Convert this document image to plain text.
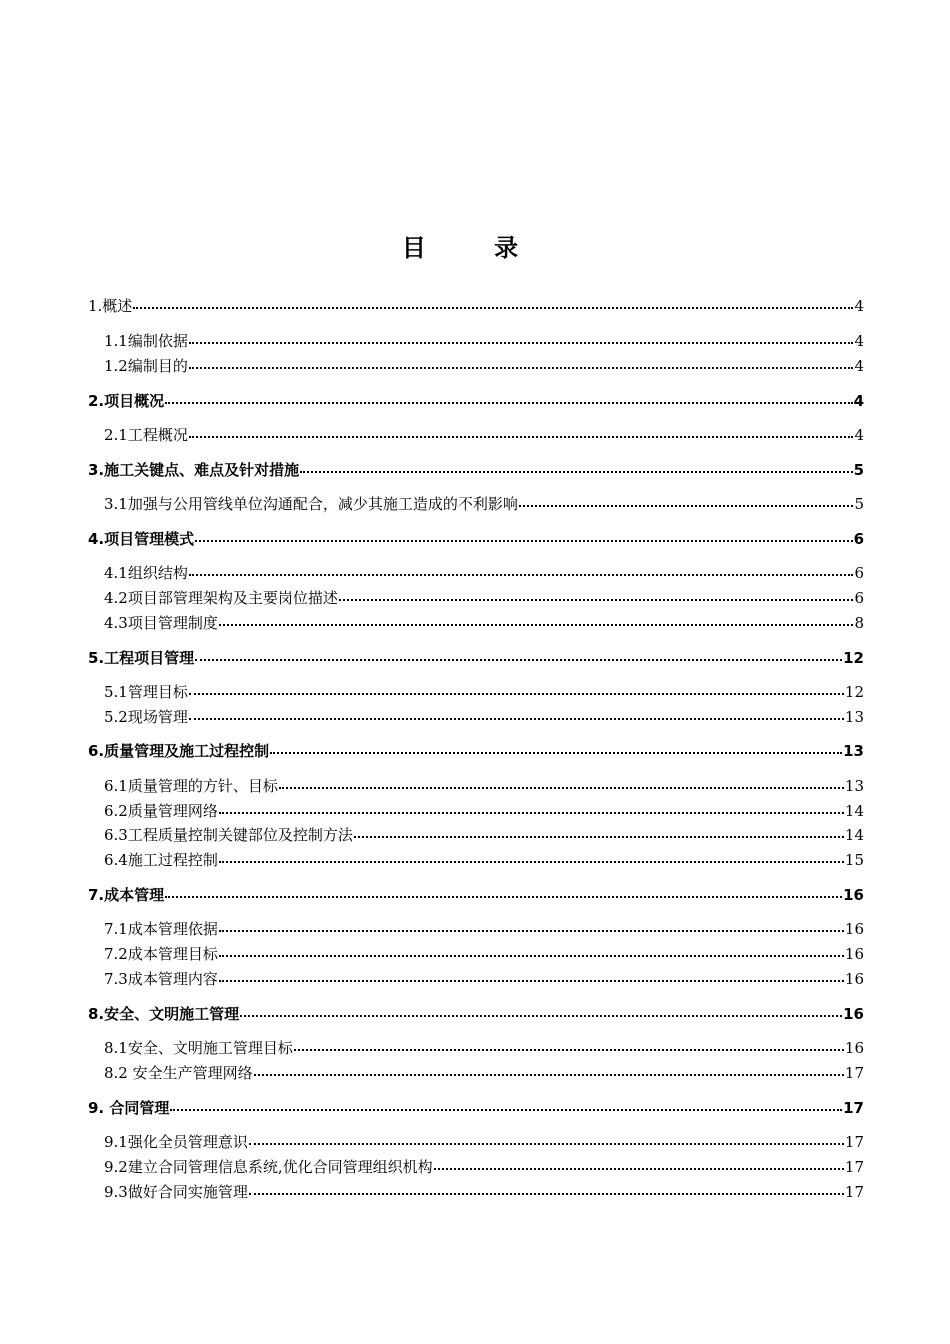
目 录
1.概述	4
1.1编制依据	4
1.2编制目的	4
2.项目概况	4
2.1工程概况	4
3.施工关键点、难点及针对措施	5
3.1加强与公用管线单位沟通配合，减少其施工造成的不利影响	5
4.项目管理模式	6
4.1组织结构	6
4.2项目部管理架构及主要岗位描述	6
4.3项目管理制度	8
5.工程项目管理	12
5.1管理目标	12
5.2现场管理	13
6.质量管理及施工过程控制	13
6.1质量管理的方针、目标	13
6.2质量管理网络	14
6.3工程质量控制关键部位及控制方法	14
6.4施工过程控制	15
7.成本管理	16
7.1成本管理依据	16
7.2成本管理目标	16
7.3成本管理内容	16
8.安全、文明施工管理	16
8.1安全、文明施工管理目标	16
8.2 安全生产管理网络	17
9. 合同管理	17
9.1强化全员管理意识	17
9.2建立合同管理信息系统,优化合同管理组织机构	17
9.3做好合同实施管理	17
